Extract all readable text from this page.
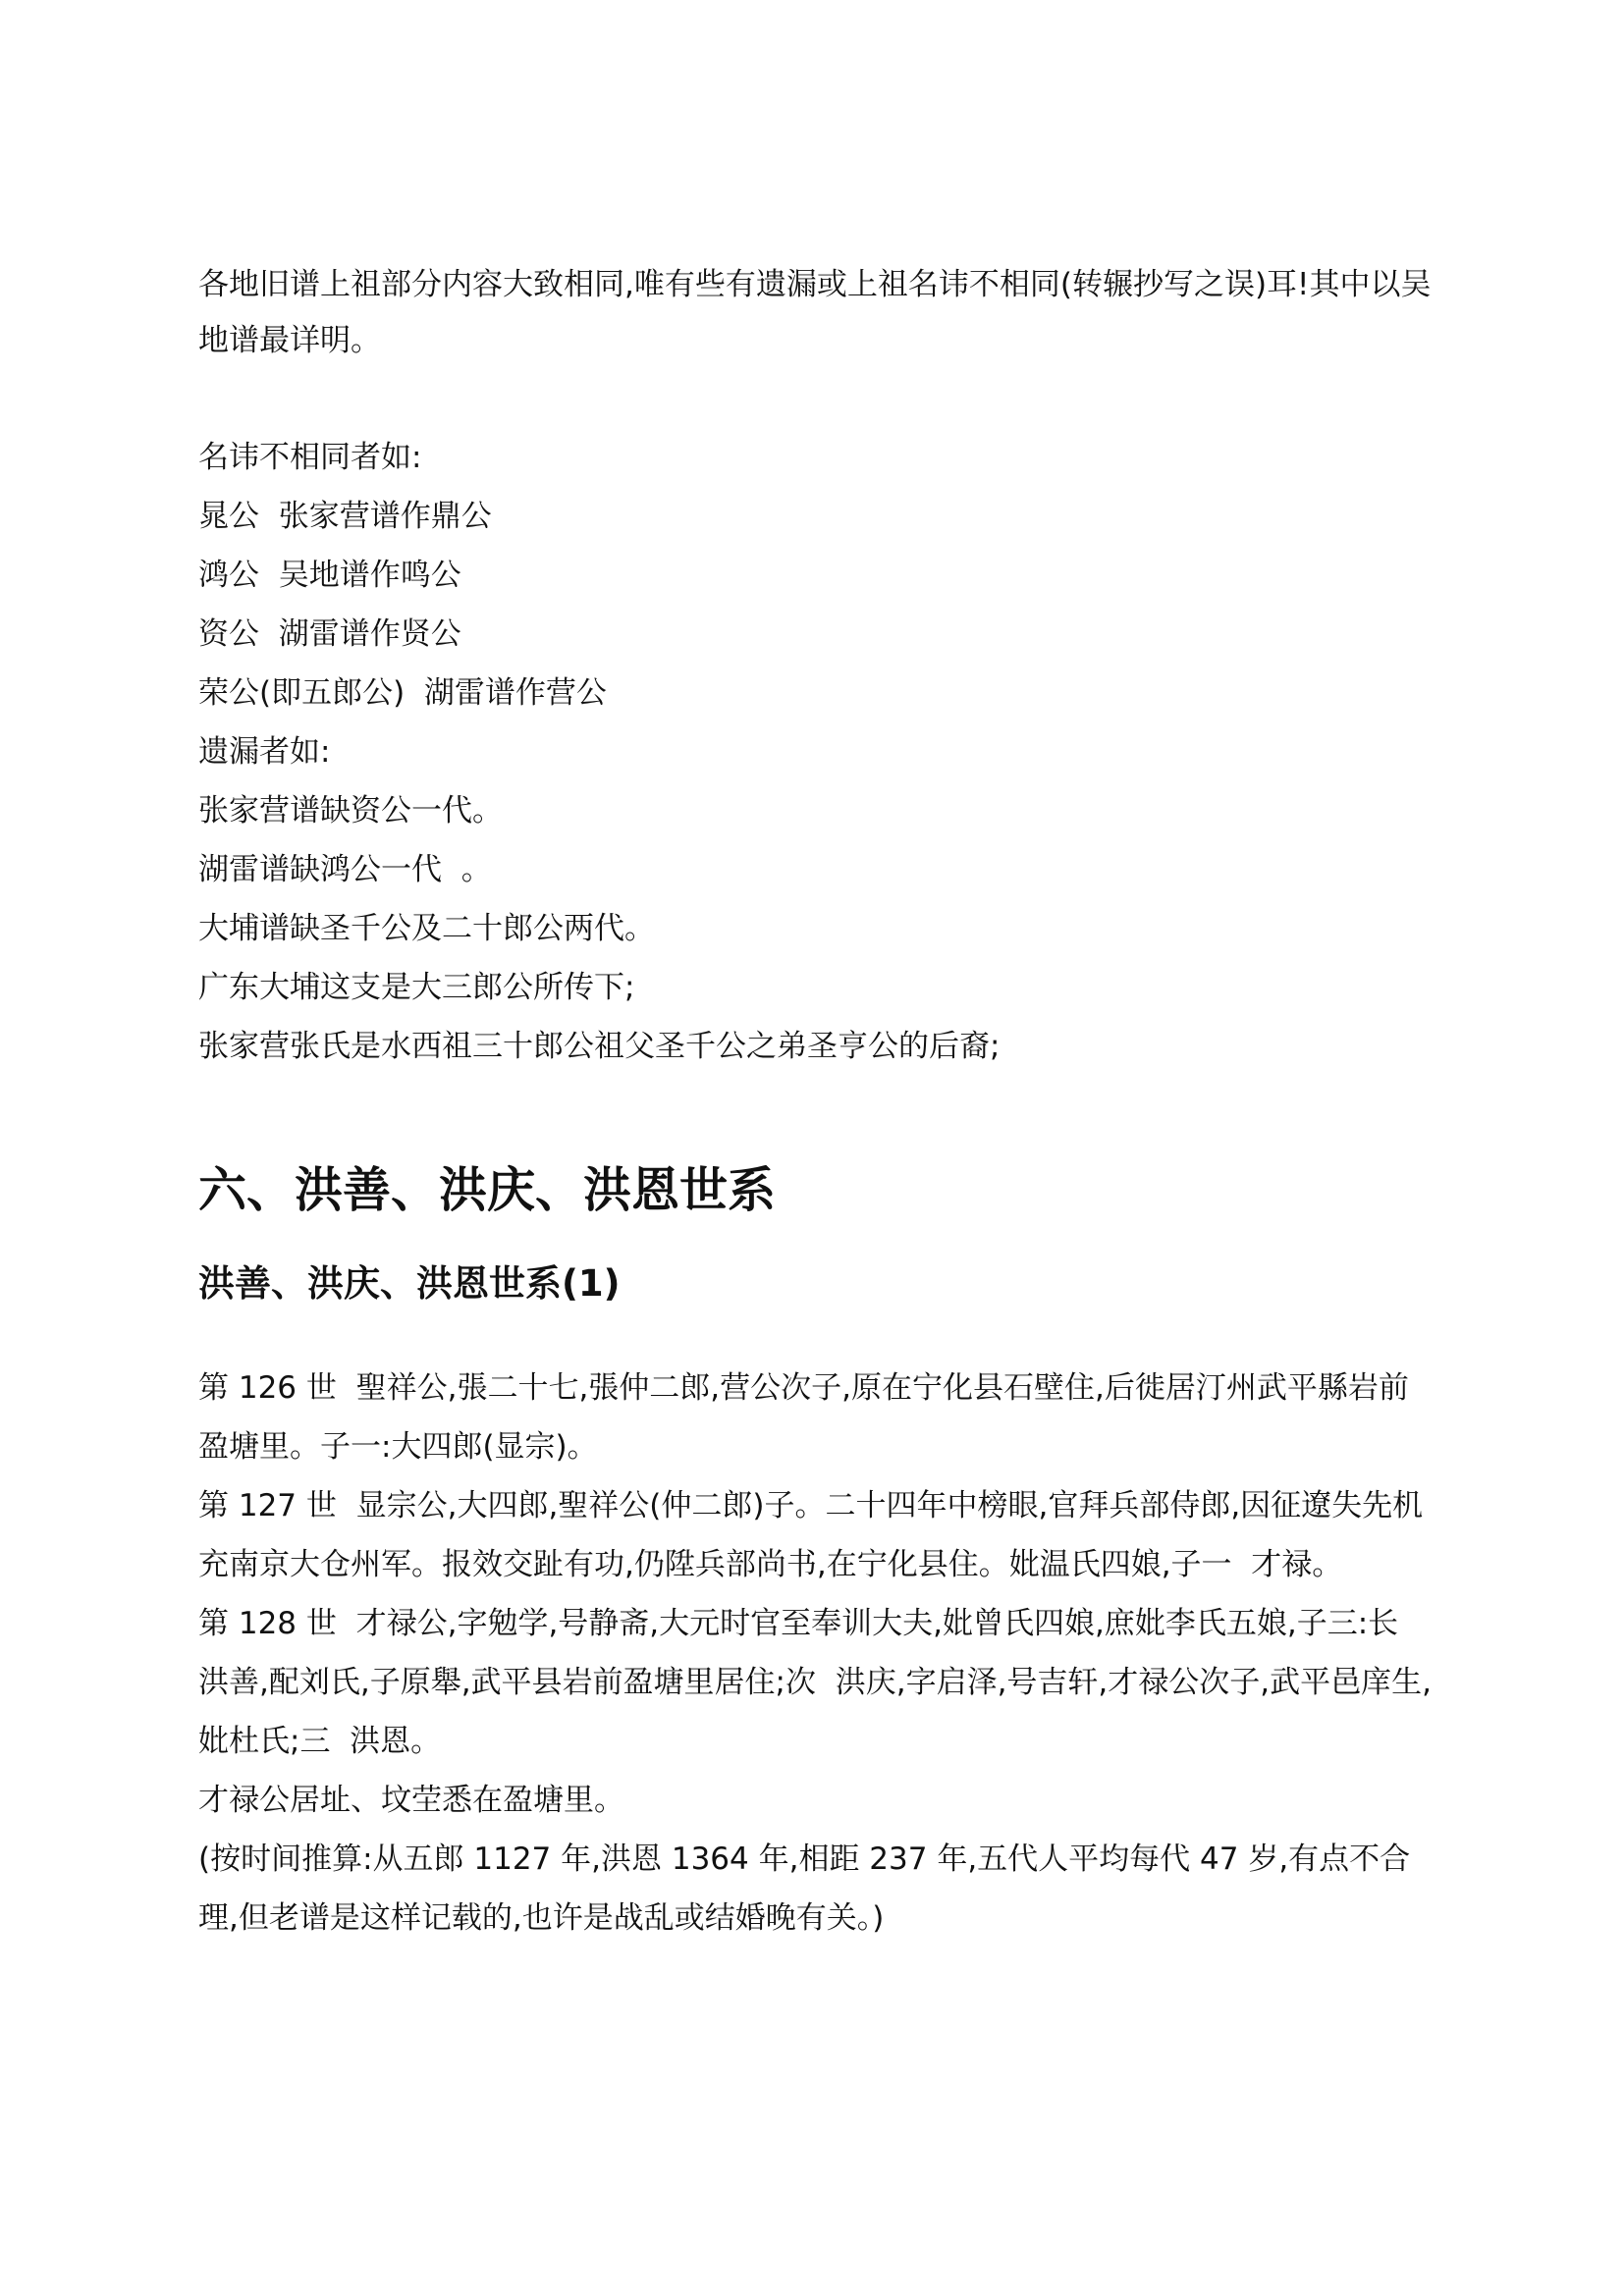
各地旧谱上祖部分内容大致相同,唯有些有遗漏或上祖名讳不相同(转辗抄写之误)耳!其中以吴地谱最详明。

名讳不相同者如:

晁公  张家营谱作鼎公

鸿公  吴地谱作鸣公

资公  湖雷谱作贤公

荣公(即五郎公)  湖雷谱作营公

遗漏者如:

张家营谱缺资公一代。

湖雷谱缺鸿公一代  。

大埔谱缺圣千公及二十郎公两代。

广东大埔这支是大三郎公所传下;

张家营张氏是水西祖三十郎公祖父圣千公之弟圣亨公的后裔;

六、洪善、洪庆、洪恩世系
洪善、洪庆、洪恩世系(1)

第 126 世  聖祥公,張二十七,張仲二郎,营公次子,原在宁化县石壁住,后徙居汀州武平縣岩前盈塘里。子一:大四郎(显宗)。

第 127 世  显宗公,大四郎,聖祥公(仲二郎)子。二十四年中榜眼,官拜兵部侍郎,因征遼失先机充南京大仓州军。报效交趾有功,仍陞兵部尚书,在宁化县住。妣温氏四娘,子一  才禄。

第 128 世  才禄公,字勉学,号静斋,大元时官至奉训大夫,妣曾氏四娘,庶妣李氏五娘,子三:长  洪善,配刘氏,子原舉,武平县岩前盈塘里居住;次  洪庆,字启泽,号吉轩,才禄公次子,武平邑庠生,妣杜氏;三  洪恩。

才禄公居址、坟茔悉在盈塘里。

(按时间推算:从五郎 1127 年,洪恩 1364 年,相距 237 年,五代人平均每代 47 岁,有点不合理,但老谱是这样记载的,也许是战乱或结婚晚有关。)
